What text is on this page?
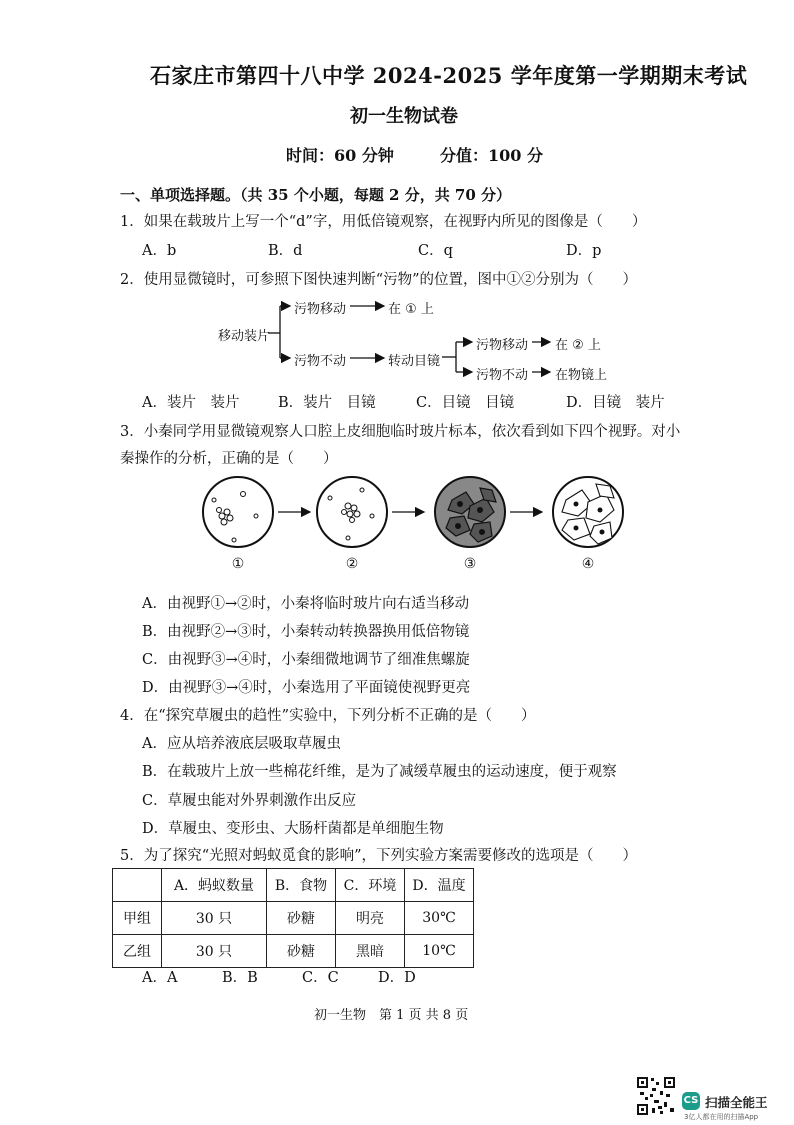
石家庄市第四十八中学 2024-2025 学年度第一学期期末考试
初一生物试卷
时间：60 分钟	分值：100 分
一、单项选择题。（共 35 个小题，每题 2 分，共 70 分）
1．如果在载玻片上写一个“d”字，用低倍镜观察，在视野内所见的图像是（　　）
A．b	B．d	C．q	D．p
2．使用显微镜时，可参照下图快速判断“污物”的位置，图中①②分别为（　　）
移动装片
污物移动	在 ① 上
污物不动	转动目镜
污物移动 在 ② 上
污物不动 在物镜上
A．装片　装片	B．装片　目镜	C．目镜　目镜	D．目镜　装片
3．小秦同学用显微镜观察人口腔上皮细胞临时玻片标本，依次看到如下四个视野。对小
秦操作的分析，正确的是（　　）
①	②	③	④
A．由视野①→②时，小秦将临时玻片向右适当移动
B．由视野②→③时，小秦转动转换器换用低倍物镜
C．由视野③→④时，小秦细微地调节了细准焦螺旋
D．由视野③→④时，小秦选用了平面镜使视野更亮
4．在“探究草履虫的趋性”实验中，下列分析不正确的是（　　）
A．应从培养液底层吸取草履虫
B．在载玻片上放一些棉花纤维，是为了减缓草履虫的运动速度，便于观察
C．草履虫能对外界刺激作出反应
D．草履虫、变形虫、大肠杆菌都是单细胞生物
5．为了探究“光照对蚂蚁觅食的影响”，下列实验方案需要修改的选项是（　　）
	A．蚂蚁数量	B．食物	C．环境	D．温度
甲组	30 只	砂糖	明亮	30℃
乙组	30 只	砂糖	黑暗	10℃
A．A	B．B	C．C	D．D
初一生物　第 1 页 共 8 页
CS 扫描全能王
3亿人都在用的扫描App
